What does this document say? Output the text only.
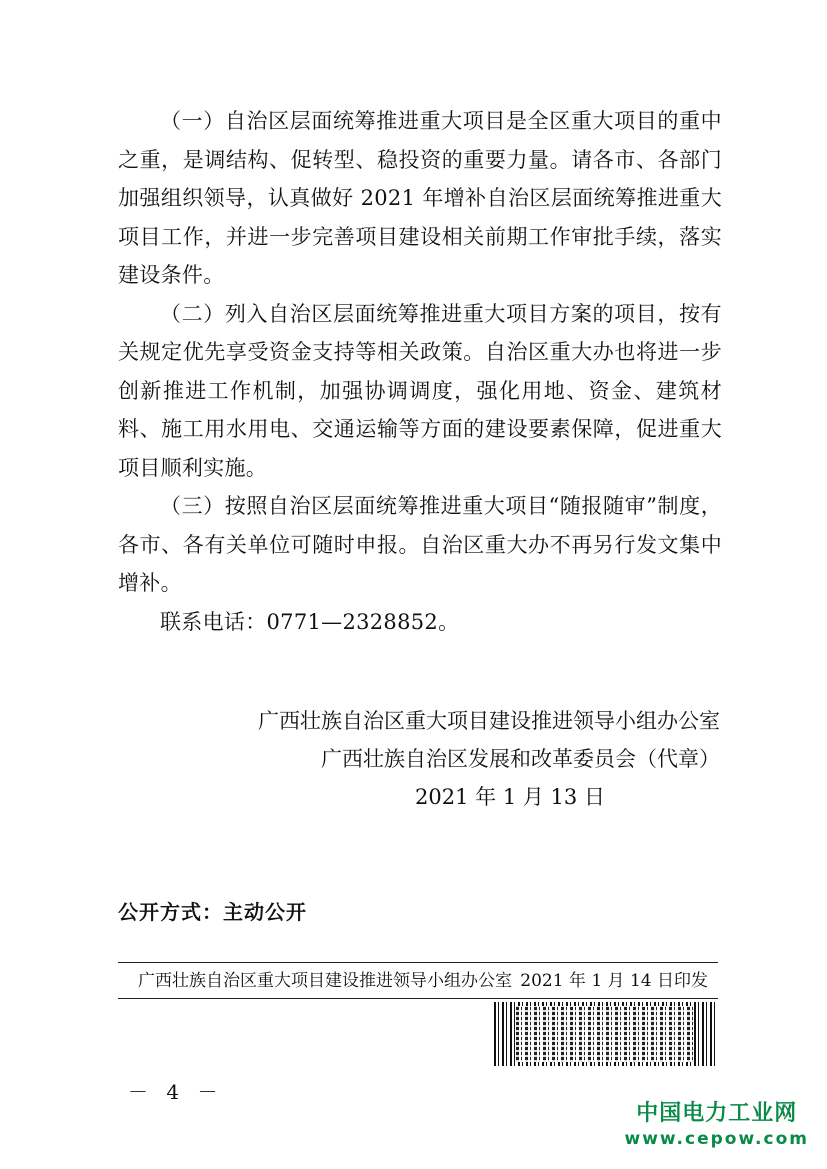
（一）自治区层面统筹推进重大项目是全区重大项目的重中之重，是调结构、促转型、稳投资的重要力量。请各市、各部门加强组织领导，认真做好 2021 年增补自治区层面统筹推进重大项目工作，并进一步完善项目建设相关前期工作审批手续，落实建设条件。

（二）列入自治区层面统筹推进重大项目方案的项目，按有关规定优先享受资金支持等相关政策。自治区重大办也将进一步创新推进工作机制，加强协调调度，强化用地、资金、建筑材料、施工用水用电、交通运输等方面的建设要素保障，促进重大项目顺利实施。

（三）按照自治区层面统筹推进重大项目“随报随审”制度，各市、各有关单位可随时申报。自治区重大办不再另行发文集中增补。

联系电话：0771—2328852。

广西壮族自治区重大项目建设推进领导小组办公室
广西壮族自治区发展和改革委员会（代章）
2021 年 1 月 13 日
公开方式：主动公开
广西壮族自治区重大项目建设推进领导小组办公室 2021 年 1 月 14 日印发
－ 4 －
中国电力工业网
www.cepow.com
